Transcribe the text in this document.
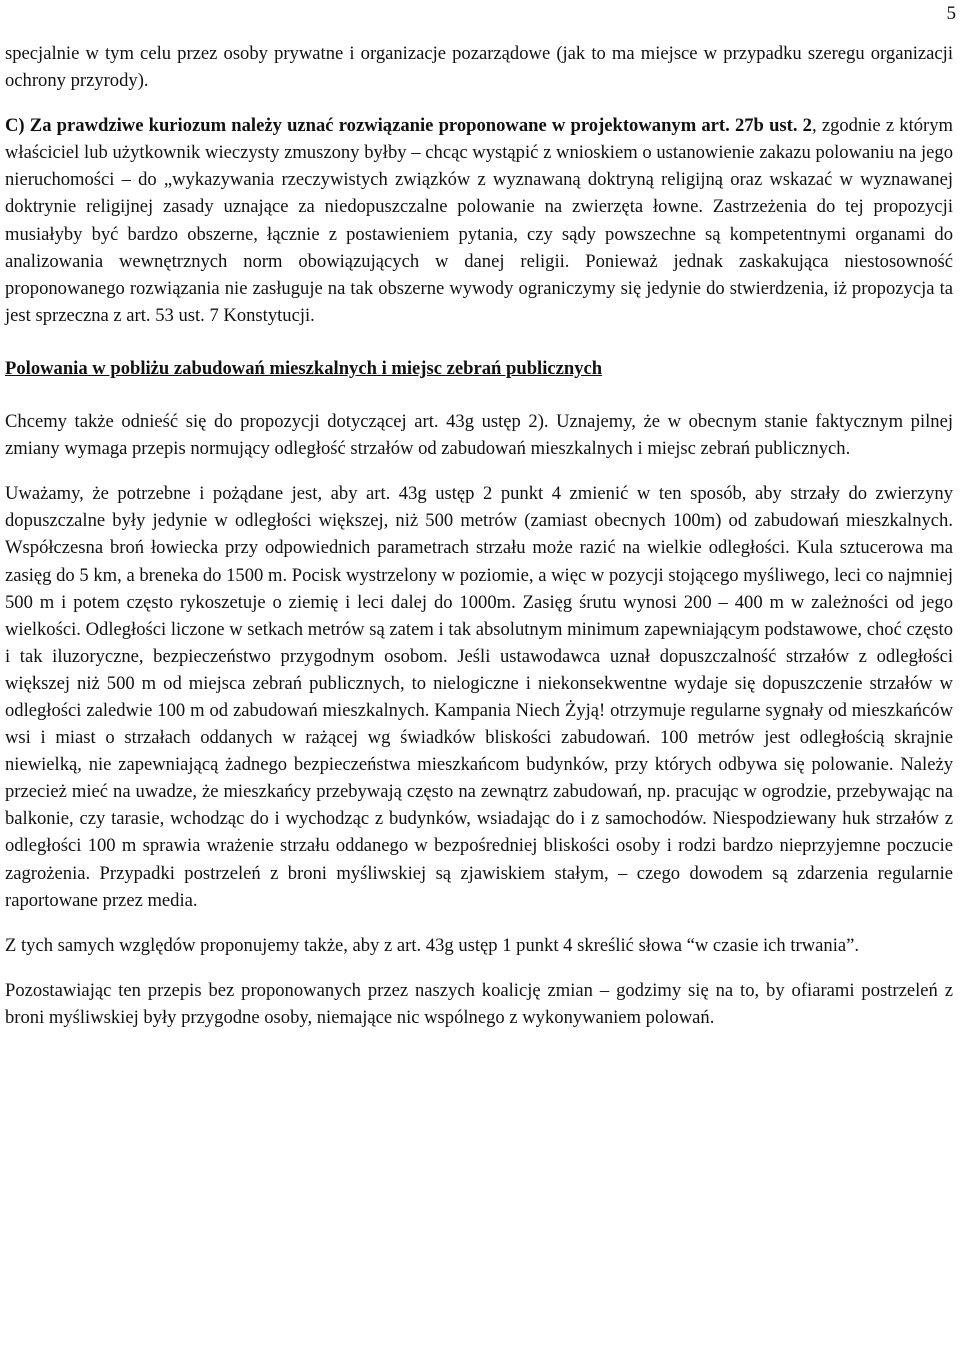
5

specjalnie w tym celu przez osoby prywatne i organizacje pozarządowe (jak to ma miejsce w przypadku szeregu organizacji ochrony przyrody).

C) Za prawdziwe kuriozum należy uznać rozwiązanie proponowane w projektowanym art. 27b ust. 2, zgodnie z którym właściciel lub użytkownik wieczysty zmuszony byłby – chcąc wystąpić z wnioskiem o ustanowienie zakazu polowaniu na jego nieruchomości – do „wykazywania rzeczywistych związków z wyznawaną doktryną religijną oraz wskazać w wyznawanej doktrynie religijnej zasady uznające za niedopuszczalne polowanie na zwierzęta łowne. Zastrzeżenia do tej propozycji musiałyby być bardzo obszerne, łącznie z postawieniem pytania, czy sądy powszechne są kompetentnymi organami do analizowania wewnętrznych norm obowiązujących w danej religii. Ponieważ jednak zaskakująca niestosowność proponowanego rozwiązania nie zasługuje na tak obszerne wywody ograniczymy się jedynie do stwierdzenia, iż propozycja ta jest sprzeczna z art. 53 ust. 7 Konstytucji.

Polowania w pobliżu zabudowań mieszkalnych i miejsc zebrań publicznych

Chcemy także odnieść się do propozycji dotyczącej art. 43g ustęp 2). Uznajemy, że w obecnym stanie faktycznym pilnej zmiany wymaga przepis normujący odległość strzałów od zabudowań mieszkalnych i miejsc zebrań publicznych.

Uważamy, że potrzebne i pożądane jest, aby art. 43g ustęp 2 punkt 4 zmienić w ten sposób, aby strzały do zwierzyny dopuszczalne były jedynie w odległości większej, niż 500 metrów (zamiast obecnych 100m) od zabudowań mieszkalnych. Współczesna broń łowiecka przy odpowiednich parametrach strzału może razić na wielkie odległości. Kula sztucerowa ma zasięg do 5 km, a breneka do 1500 m. Pocisk wystrzelony w poziomie, a więc w pozycji stojącego myśliwego, leci co najmniej 500 m i potem często rykoszetuje o ziemię i leci dalej do 1000m. Zasięg śrutu wynosi 200 – 400 m w zależności od jego wielkości. Odległości liczone w setkach metrów są zatem i tak absolutnym minimum zapewniającym podstawowe, choć często i tak iluzoryczne, bezpieczeństwo przygodnym osobom. Jeśli ustawodawca uznał dopuszczalność strzałów z odległości większej niż 500 m od miejsca zebrań publicznych, to nielogiczne i niekonsekwentne wydaje się dopuszczenie strzałów w odległości zaledwie 100 m od zabudowań mieszkalnych. Kampania Niech Żyją! otrzymuje regularne sygnały od mieszkańców wsi i miast o strzałach oddanych w rażącej wg świadków bliskości zabudowań. 100 metrów jest odległością skrajnie niewielką, nie zapewniającą żadnego bezpieczeństwa mieszkańcom budynków, przy których odbywa się polowanie. Należy przecież mieć na uwadze, że mieszkańcy przebywają często na zewnątrz zabudowań, np. pracując w ogrodzie, przebywając na balkonie, czy tarasie, wchodząc do i wychodząc z budynków, wsiadając do i z samochodów. Niespodziewany huk strzałów z odległości 100 m sprawia wrażenie strzału oddanego w bezpośredniej bliskości osoby i rodzi bardzo nieprzyjemne poczucie zagrożenia. Przypadki postrzeleń z broni myśliwskiej są zjawiskiem stałym, – czego dowodem są zdarzenia regularnie raportowane przez media.

Z tych samych względów proponujemy także, aby z art. 43g ustęp 1 punkt 4 skreślić słowa “w czasie ich trwania”.

Pozostawiając ten przepis bez proponowanych przez naszych koalicję zmian – godzimy się na to, by ofiarami postrzeleń z broni myśliwskiej były przygodne osoby, niemające nic wspólnego z wykonywaniem polowań.
